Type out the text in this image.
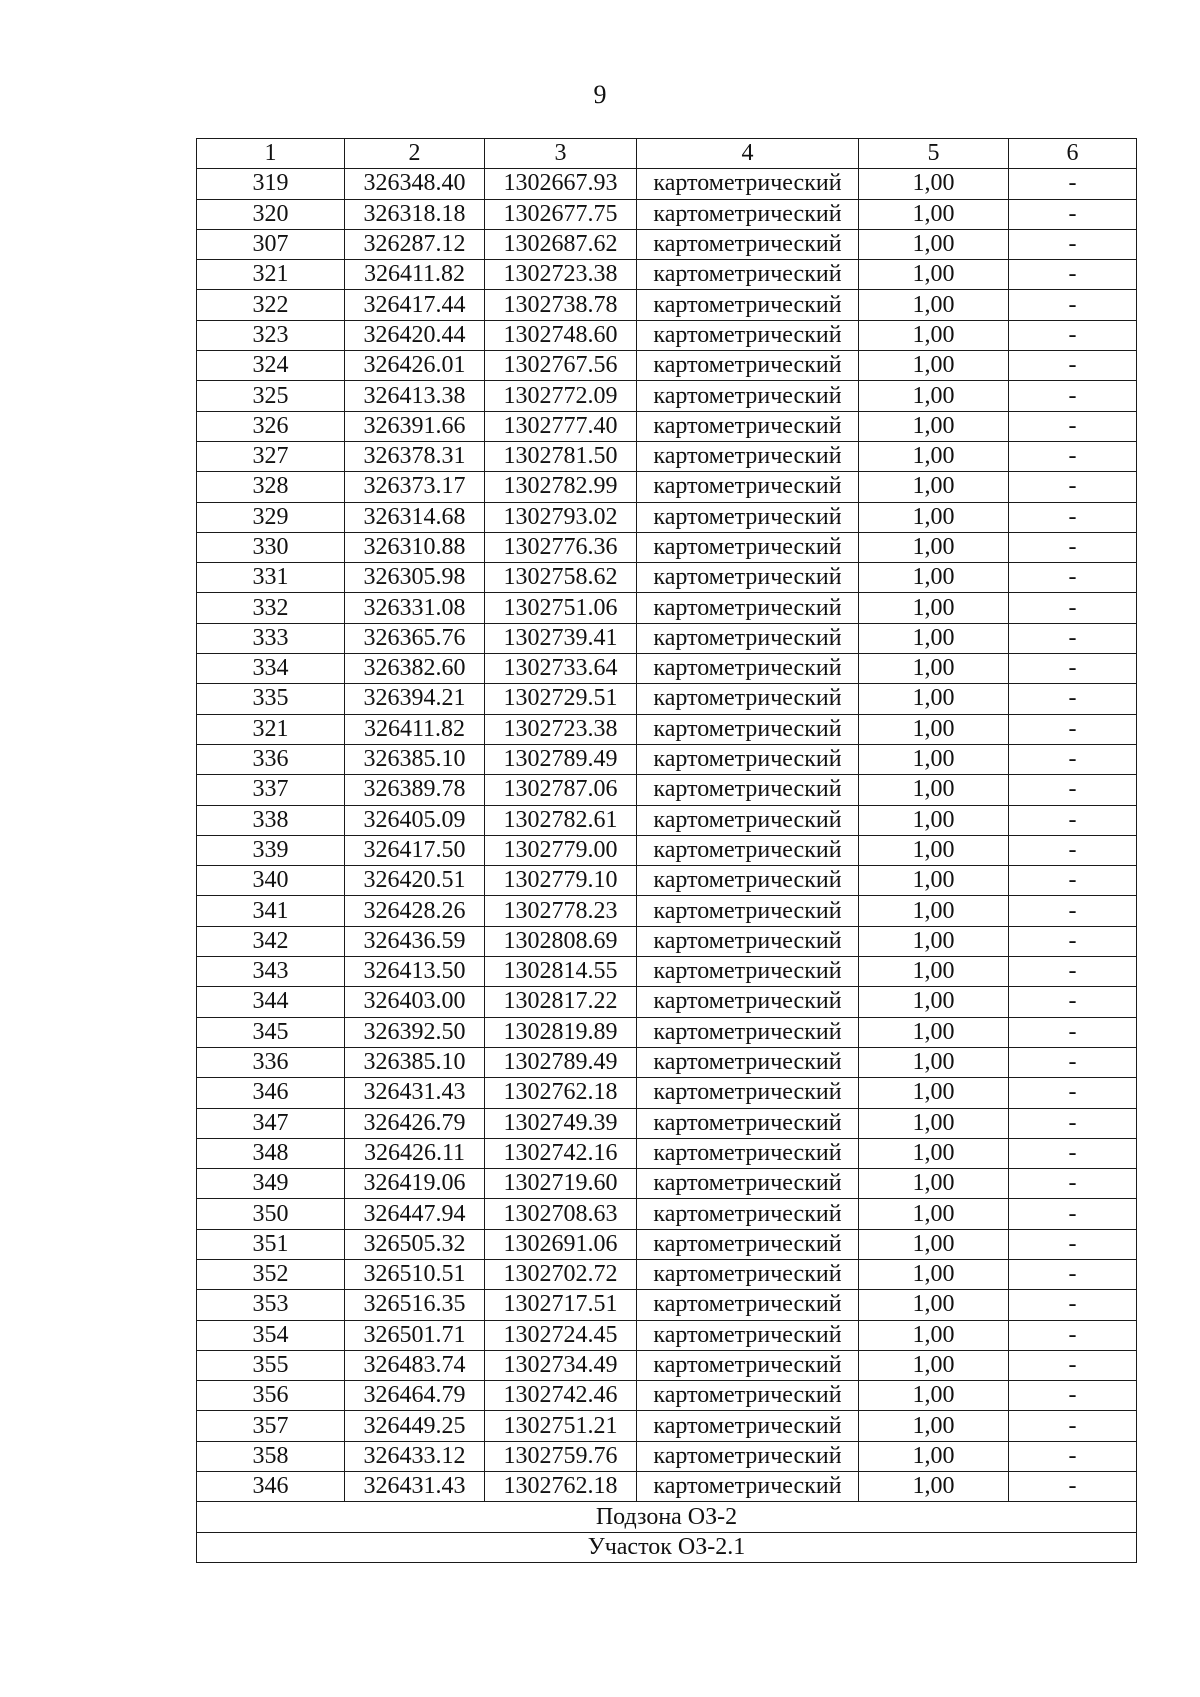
9
1	2	3	4	5	6
319	326348.40	1302667.93	картометрический	1,00	-
320	326318.18	1302677.75	картометрический	1,00	-
307	326287.12	1302687.62	картометрический	1,00	-
321	326411.82	1302723.38	картометрический	1,00	-
322	326417.44	1302738.78	картометрический	1,00	-
323	326420.44	1302748.60	картометрический	1,00	-
324	326426.01	1302767.56	картометрический	1,00	-
325	326413.38	1302772.09	картометрический	1,00	-
326	326391.66	1302777.40	картометрический	1,00	-
327	326378.31	1302781.50	картометрический	1,00	-
328	326373.17	1302782.99	картометрический	1,00	-
329	326314.68	1302793.02	картометрический	1,00	-
330	326310.88	1302776.36	картометрический	1,00	-
331	326305.98	1302758.62	картометрический	1,00	-
332	326331.08	1302751.06	картометрический	1,00	-
333	326365.76	1302739.41	картометрический	1,00	-
334	326382.60	1302733.64	картометрический	1,00	-
335	326394.21	1302729.51	картометрический	1,00	-
321	326411.82	1302723.38	картометрический	1,00	-
336	326385.10	1302789.49	картометрический	1,00	-
337	326389.78	1302787.06	картометрический	1,00	-
338	326405.09	1302782.61	картометрический	1,00	-
339	326417.50	1302779.00	картометрический	1,00	-
340	326420.51	1302779.10	картометрический	1,00	-
341	326428.26	1302778.23	картометрический	1,00	-
342	326436.59	1302808.69	картометрический	1,00	-
343	326413.50	1302814.55	картометрический	1,00	-
344	326403.00	1302817.22	картометрический	1,00	-
345	326392.50	1302819.89	картометрический	1,00	-
336	326385.10	1302789.49	картометрический	1,00	-
346	326431.43	1302762.18	картометрический	1,00	-
347	326426.79	1302749.39	картометрический	1,00	-
348	326426.11	1302742.16	картометрический	1,00	-
349	326419.06	1302719.60	картометрический	1,00	-
350	326447.94	1302708.63	картометрический	1,00	-
351	326505.32	1302691.06	картометрический	1,00	-
352	326510.51	1302702.72	картометрический	1,00	-
353	326516.35	1302717.51	картометрический	1,00	-
354	326501.71	1302724.45	картометрический	1,00	-
355	326483.74	1302734.49	картометрический	1,00	-
356	326464.79	1302742.46	картометрический	1,00	-
357	326449.25	1302751.21	картометрический	1,00	-
358	326433.12	1302759.76	картометрический	1,00	-
346	326431.43	1302762.18	картометрический	1,00	-
Подзона ОЗ-2					
Участок ОЗ-2.1					
